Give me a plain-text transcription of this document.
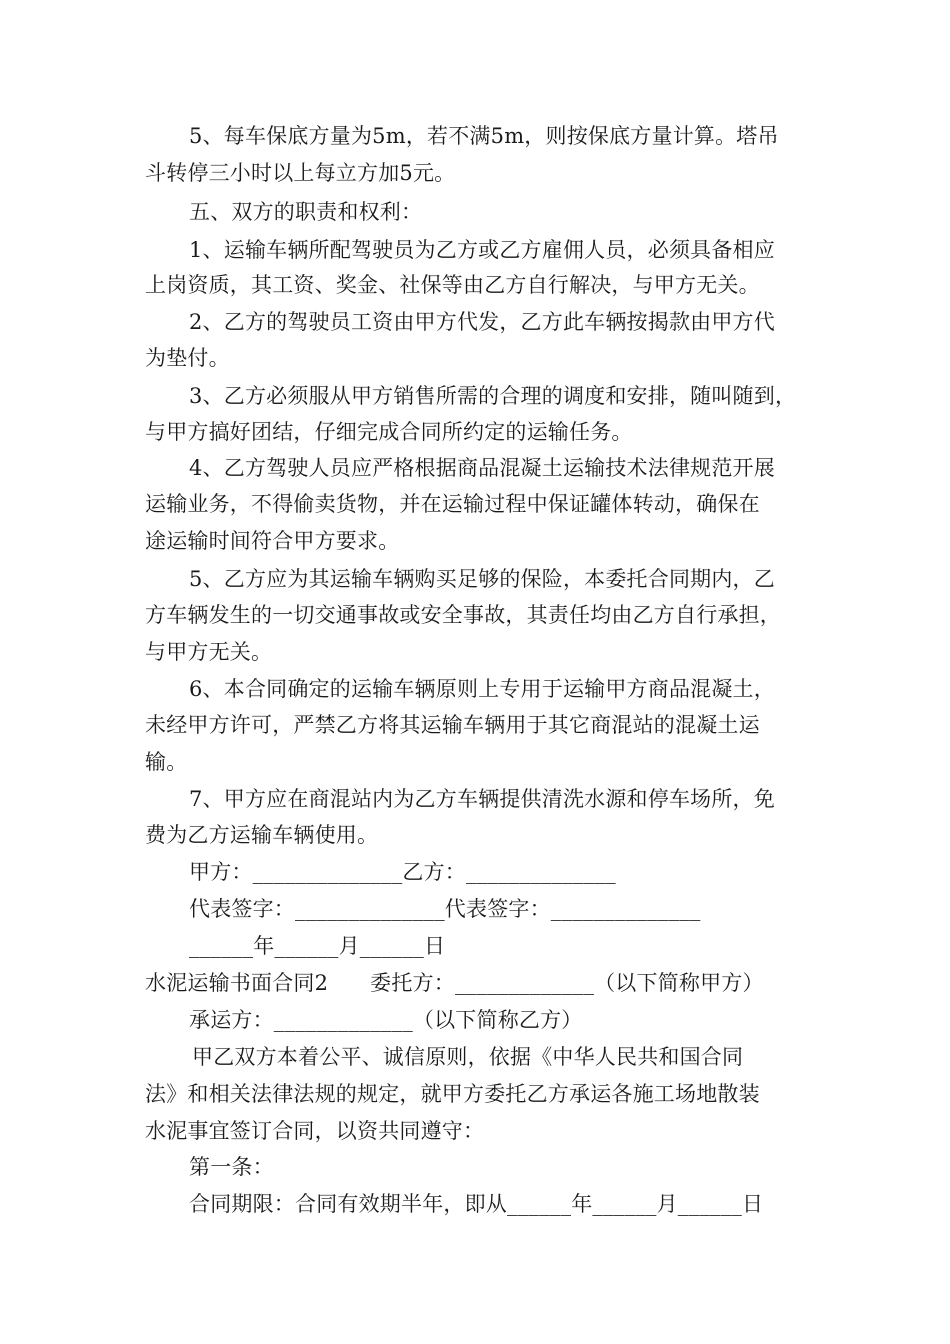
5、每车保底方量为5m，若不满5m，则按保底方量计算。塔吊
斗转停三小时以上每立方加5元。
五、双方的职责和权利：
1、运输车辆所配驾驶员为乙方或乙方雇佣人员，必须具备相应
上岗资质，其工资、奖金、社保等由乙方自行解决，与甲方无关。
2、乙方的驾驶员工资由甲方代发，乙方此车辆按揭款由甲方代
为垫付。
3、乙方必须服从甲方销售所需的合理的调度和安排，随叫随到，
与甲方搞好团结，仔细完成合同所约定的运输任务。
4、乙方驾驶人员应严格根据商品混凝土运输技术法律规范开展
运输业务，不得偷卖货物，并在运输过程中保证罐体转动，确保在
途运输时间符合甲方要求。
5、乙方应为其运输车辆购买足够的保险，本委托合同期内，乙
方车辆发生的一切交通事故或安全事故，其责任均由乙方自行承担，
与甲方无关。
6、本合同确定的运输车辆原则上专用于运输甲方商品混凝土，
未经甲方许可，严禁乙方将其运输车辆用于其它商混站的混凝土运
输。
7、甲方应在商混站内为乙方车辆提供清洗水源和停车场所，免
费为乙方运输车辆使用。
甲方：______________乙方：______________
代表签字：______________代表签字：______________
______年______月______日
水泥运输书面合同2 委托方：_____________（以下简称甲方）
承运方：_____________（以下简称乙方）
甲乙双方本着公平、诚信原则，依据《中华人民共和国合同
法》和相关法律法规的规定，就甲方委托乙方承运各施工场地散装
水泥事宜签订合同，以资共同遵守：
第一条：
合同期限：合同有效期半年，即从______年______月______日
